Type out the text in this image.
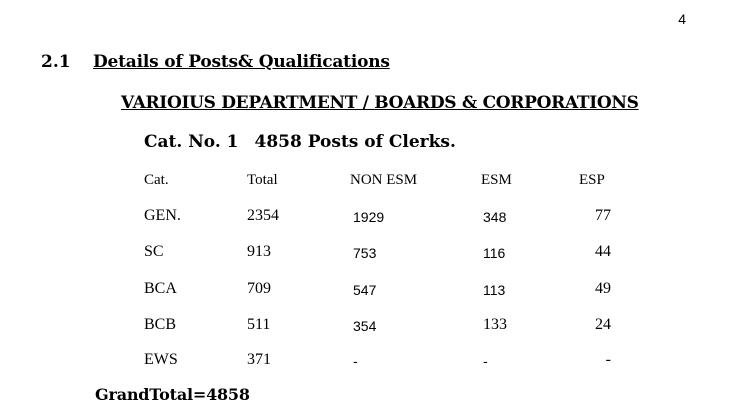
4
2.1 Details of Posts& Qualifications
VARIOIUS DEPARTMENT / BOARDS & CORPORATIONS
Cat. No. 1 4858 Posts of Clerks.
Cat.	Total	NON ESM	ESM	ESP
GEN.	2354	1929	348	77
SC	913	753	116	44
BCA	709	547	113	49
BCB	511	354	133	24
EWS	371	-	-	-
GrandTotal=4858
